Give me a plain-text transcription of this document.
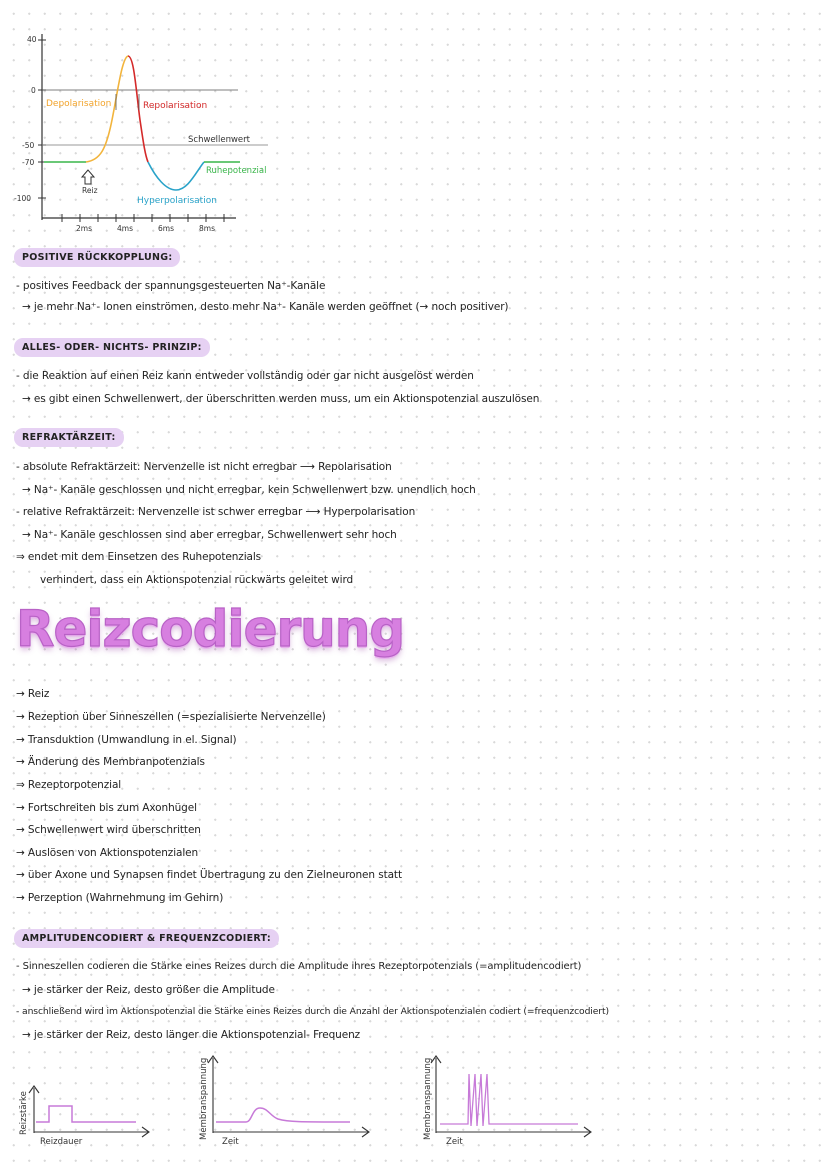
40
0
-50
-70
-100
2ms	4ms	6ms	8ms
Depolarisation	Repolarisation
Schwellenwert
Ruhepotenzial
Reiz
Hyperpolarisation
POSITIVE RÜCKKOPPLUNG:
- positives Feedback der spannungsgesteuerten Na⁺-Kanäle
→ je mehr Na⁺- Ionen einströmen, desto mehr Na⁺- Kanäle werden geöffnet (→ noch positiver)
ALLES- ODER- NICHTS- PRINZIP:
- die Reaktion auf einen Reiz kann entweder vollständig oder gar nicht ausgelöst werden
→ es gibt einen Schwellenwert, der überschritten werden muss, um ein Aktionspotenzial auszulösen
REFRAKTÄRZEIT:
- absolute Refraktärzeit: Nervenzelle ist nicht erregbar ⟶ Repolarisation
→ Na⁺- Kanäle geschlossen und nicht erregbar, kein Schwellenwert bzw. unendlich hoch
- relative Refraktärzeit: Nervenzelle ist schwer erregbar ⟶ Hyperpolarisation
→ Na⁺- Kanäle geschlossen sind aber erregbar, Schwellenwert sehr hoch
⇒ endet mit dem Einsetzen des Ruhepotenzials
verhindert, dass ein Aktionspotenzial rückwärts geleitet wird
Reizcodierung
→ Reiz
→ Rezeption über Sinneszellen (=spezialisierte Nervenzelle)
→ Transduktion (Umwandlung in el. Signal)
→ Änderung des Membranpotenzials
⇒ Rezeptorpotenzial
→ Fortschreiten bis zum Axonhügel
→ Schwellenwert wird überschritten
→ Auslösen von Aktionspotenzialen
→ über Axone und Synapsen findet Übertragung zu den Zielneuronen statt
→ Perzeption (Wahrnehmung im Gehirn)
AMPLITUDENCODIERT & FREQUENZCODIERT:
- Sinneszellen codieren die Stärke eines Reizes durch die Amplitude ihres Rezeptorpotenzials (=amplitudencodiert)
→ je stärker der Reiz, desto größer die Amplitude
- anschließend wird im Aktionspotenzial die Stärke eines Reizes durch die Anzahl der Aktionspotenzialen codiert (=frequenzcodiert)
→ je stärker der Reiz, desto länger die Aktionspotenzial- Frequenz
Reizstärke
Reizdauer
Membranspannung
Zeit
Membranspannung
Zeit
